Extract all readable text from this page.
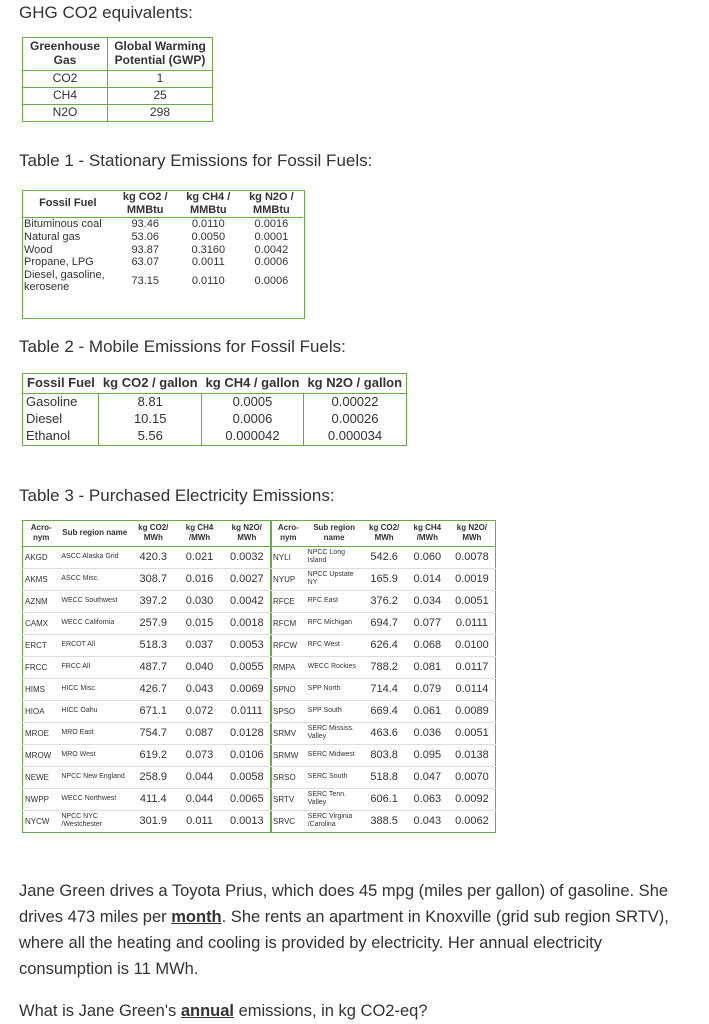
GHG CO2 equivalents:
Greenhouse Gas	Global Warming Potential (GWP)
CO2	1
CH4	25
N2O	298
Table 1 - Stationary Emissions for Fossil Fuels:
Fossil Fuel	kg CO2 / MMBtu	kg CH4 / MMBtu	kg N2O / MMBtu
Bituminous coal	93.46	0.0110	0.0016
Natural gas	53.06	0.0050	0.0001
Wood	93.87	0.3160	0.0042
Propane, LPG	63.07	0.0011	0.0006
Diesel, gasoline, kerosene	73.15	0.0110	0.0006
Table 2 - Mobile Emissions for Fossil Fuels:
Fossil Fuel	kg CO2 / gallon	kg CH4 / gallon	kg N2O / gallon
Gasoline	8.81	0.0005	0.00022
Diesel	10.15	0.0006	0.00026
Ethanol	5.56	0.000042	0.000034
Table 3 - Purchased Electricity Emissions:
Acro-nym	Sub region name	kg CO2/ MWh	kg CH4 /MWh	kg N2O/ MWh
AKGD	ASCC Alaska Grid	420.3	0.021	0.0032
AKMS	ASCC Misc.	308.7	0.016	0.0027
AZNM	WECC Southwest	397.2	0.030	0.0042
CAMX	WECC California	257.9	0.015	0.0018
ERCT	ERCOT All	518.3	0.037	0.0053
FRCC	FRCC All	487.7	0.040	0.0055
HIMS	HICC Misc.	426.7	0.043	0.0069
HIOA	HICC Oahu	671.1	0.072	0.0111
MROE	MRO East	754.7	0.087	0.0128
MROW	MRO West	619.2	0.073	0.0106
NEWE	NPCC New England	258.9	0.044	0.0058
NWPP	WECC Northwest	411.4	0.044	0.0065
NYCW	NPCC NYC /Westchester	301.9	0.011	0.0013
Acro-nym	Sub region name	kg CO2/ MWh	kg CH4 /MWh	kg N2O/ MWh
NYLI	NPCC Long Island	542.6	0.060	0.0078
NYUP	NPCC Upstate NY	165.9	0.014	0.0019
RFCE	RFC East	376.2	0.034	0.0051
RFCM	RFC Michigan	694.7	0.077	0.0111
RFCW	RFC West	626.4	0.068	0.0100
RMPA	WECC Rockies	788.2	0.081	0.0117
SPNO	SPP North	714.4	0.079	0.0114
SPSO	SPP South	669.4	0.061	0.0089
SRMV	SERC Mississ. Valley	463.6	0.036	0.0051
SRMW	SERC Midwest	803.8	0.095	0.0138
SRSO	SERC South	518.8	0.047	0.0070
SRTV	SERC Tenn. Valley	606.1	0.063	0.0092
SRVC	SERC Virginia /Carolina	388.5	0.043	0.0062

Jane Green drives a Toyota Prius, which does 45 mpg (miles per gallon) of gasoline. She drives 473 miles per month. She rents an apartment in Knoxville (grid sub region SRTV), where all the heating and cooling is provided by electricity. Her annual electricity consumption is 11 MWh.

What is Jane Green's annual emissions, in kg CO2-eq?
